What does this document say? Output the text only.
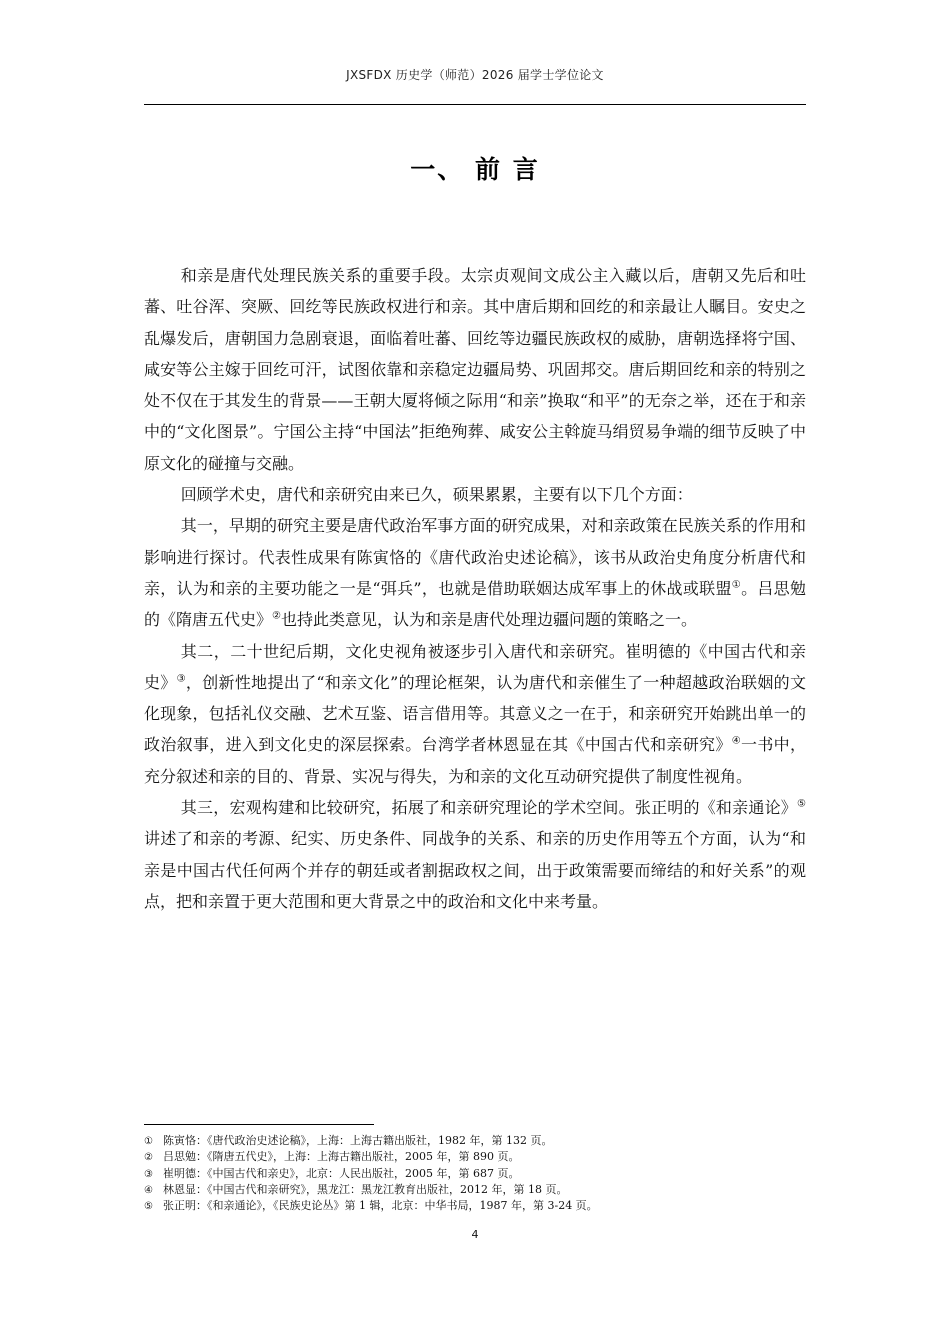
JXSFDX 历史学（师范）2026 届学士学位论文
一、 前 言

和亲是唐代处理民族关系的重要手段。太宗贞观间文成公主入藏以后，唐朝又先后和吐蕃、吐谷浑、突厥、回纥等民族政权进行和亲。其中唐后期和回纥的和亲最让人瞩目。安史之乱爆发后，唐朝国力急剧衰退，面临着吐蕃、回纥等边疆民族政权的威胁，唐朝选择将宁国、咸安等公主嫁于回纥可汗，试图依靠和亲稳定边疆局势、巩固邦交。唐后期回纥和亲的特别之处不仅在于其发生的背景——王朝大厦将倾之际用“和亲”换取“和平”的无奈之举，还在于和亲中的“文化图景”。宁国公主持“中国法”拒绝殉葬、咸安公主斡旋马绢贸易争端的细节反映了中原文化的碰撞与交融。

回顾学术史，唐代和亲研究由来已久，硕果累累，主要有以下几个方面：

其一，早期的研究主要是唐代政治军事方面的研究成果，对和亲政策在民族关系的作用和影响进行探讨。代表性成果有陈寅恪的《唐代政治史述论稿》，该书从政治史角度分析唐代和亲，认为和亲的主要功能之一是“弭兵”，也就是借助联姻达成军事上的休战或联盟①。吕思勉的《隋唐五代史》②也持此类意见，认为和亲是唐代处理边疆问题的策略之一。

其二，二十世纪后期，文化史视角被逐步引入唐代和亲研究。崔明德的《中国古代和亲史》③，创新性地提出了“和亲文化”的理论框架，认为唐代和亲催生了一种超越政治联姻的文化现象，包括礼仪交融、艺术互鉴、语言借用等。其意义之一在于，和亲研究开始跳出单一的政治叙事，进入到文化史的深层探索。台湾学者林恩显在其《中国古代和亲研究》④一书中，充分叙述和亲的目的、背景、实况与得失，为和亲的文化互动研究提供了制度性视角。

其三，宏观构建和比较研究，拓展了和亲研究理论的学术空间。张正明的《和亲通论》⑤讲述了和亲的考源、纪实、历史条件、同战争的关系、和亲的历史作用等五个方面，认为“和亲是中国古代任何两个并存的朝廷或者割据政权之间，出于政策需要而缔结的和好关系”的观点，把和亲置于更大范围和更大背景之中的政治和文化中来考量。

① 陈寅恪：《唐代政治史述论稿》，上海：上海古籍出版社，1982 年，第 132 页。
② 吕思勉：《隋唐五代史》，上海：上海古籍出版社，2005 年，第 890 页。
③ 崔明德：《中国古代和亲史》，北京：人民出版社，2005 年，第 687 页。
④ 林恩显：《中国古代和亲研究》，黑龙江：黑龙江教育出版社，2012 年，第 18 页。
⑤ 张正明：《和亲通论》，《民族史论丛》第 1 辑，北京：中华书局，1987 年，第 3-24 页。
4
